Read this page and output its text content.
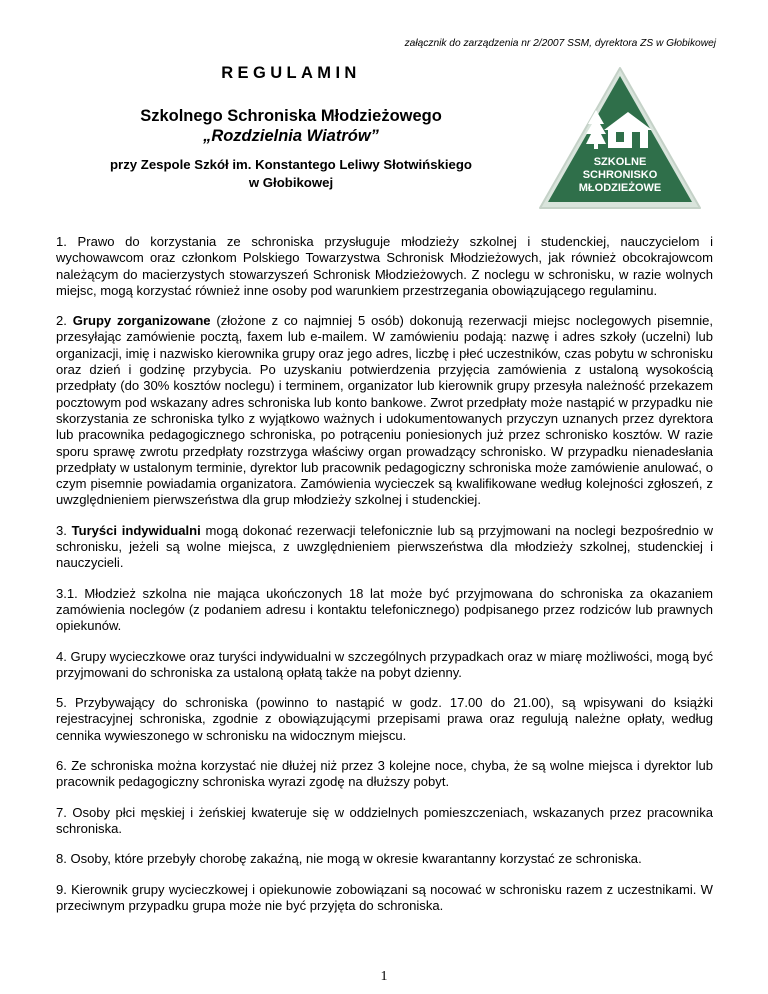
załącznik do zarządzenia nr 2/2007 SSM, dyrektora ZS w Głobikowej
REGULAMIN
Szkolnego Schroniska Młodzieżowego
„Rozdzielnia Wiatrów”
przy Zespole Szkół im. Konstantego Leliwy Słotwińskiego
w Głobikowej
SZKOLNE
SCHRONISKO
MŁODZIEŻOWE

1. Prawo do korzystania ze schroniska przysługuje młodzieży szkolnej i studenckiej, nauczycielom i wychowawcom oraz członkom Polskiego Towarzystwa Schronisk Młodzieżowych, jak również obcokrajowcom należącym do macierzystych stowarzyszeń Schronisk Młodzieżowych. Z noclegu w schronisku, w razie wolnych miejsc, mogą korzystać również inne osoby pod warunkiem przestrzegania obowiązującego regulaminu.

2. Grupy zorganizowane (złożone z co najmniej 5 osób) dokonują rezerwacji miejsc noclegowych pisemnie, przesyłając zamówienie pocztą, faxem lub e-mailem. W zamówieniu podają: nazwę i adres szkoły (uczelni) lub organizacji, imię i nazwisko kierownika grupy oraz jego adres, liczbę i płeć uczestników, czas pobytu w schronisku oraz dzień i godzinę przybycia. Po uzyskaniu potwierdzenia przyjęcia zamówienia z ustaloną wysokością przedpłaty (do 30% kosztów noclegu) i terminem, organizator lub kierownik grupy przesyła należność przekazem pocztowym pod wskazany adres schroniska lub konto bankowe. Zwrot przedpłaty może nastąpić w przypadku nie skorzystania ze schroniska tylko z wyjątkowo ważnych i udokumentowanych przyczyn uznanych przez dyrektora lub pracownika pedagogicznego schroniska, po potrąceniu poniesionych już przez schronisko kosztów. W razie sporu sprawę zwrotu przedpłaty rozstrzyga właściwy organ prowadzący schronisko. W przypadku nienadesłania przedpłaty w ustalonym terminie, dyrektor lub pracownik pedagogiczny schroniska może zamówienie anulować, o czym pisemnie powiadamia organizatora. Zamówienia wycieczek są kwalifikowane według kolejności zgłoszeń, z uwzględnieniem pierwszeństwa dla grup młodzieży szkolnej i studenckiej.

3. Turyści indywidualni mogą dokonać rezerwacji telefonicznie lub są przyjmowani na noclegi bezpośrednio w schronisku, jeżeli są wolne miejsca, z uwzględnieniem pierwszeństwa dla młodzieży szkolnej, studenckiej i nauczycieli.

3.1. Młodzież szkolna nie mająca ukończonych 18 lat może być przyjmowana do schroniska za okazaniem zamówienia noclegów (z podaniem adresu i kontaktu telefonicznego) podpisanego przez rodziców lub prawnych opiekunów.

4. Grupy wycieczkowe oraz turyści indywidualni w szczególnych przypadkach oraz w miarę możliwości, mogą być przyjmowani do schroniska za ustaloną opłatą także na pobyt dzienny.

5. Przybywający do schroniska (powinno to nastąpić w godz. 17.00 do 21.00), są wpisywani do książki rejestracyjnej schroniska, zgodnie z obowiązującymi przepisami prawa oraz regulują należne opłaty, według cennika wywieszonego w schronisku na widocznym miejscu.

6. Ze schroniska można korzystać nie dłużej niż przez 3 kolejne noce, chyba, że są wolne miejsca i dyrektor lub pracownik pedagogiczny schroniska wyrazi zgodę na dłuższy pobyt.

7. Osoby płci męskiej i żeńskiej kwateruje się w oddzielnych pomieszczeniach, wskazanych przez pracownika schroniska.

8. Osoby, które przebyły chorobę zakaźną, nie mogą w okresie kwarantanny korzystać ze schroniska.

9. Kierownik grupy wycieczkowej i opiekunowie zobowiązani są nocować w schronisku razem z uczestnikami. W przeciwnym przypadku grupa może nie być przyjęta do schroniska.

1
